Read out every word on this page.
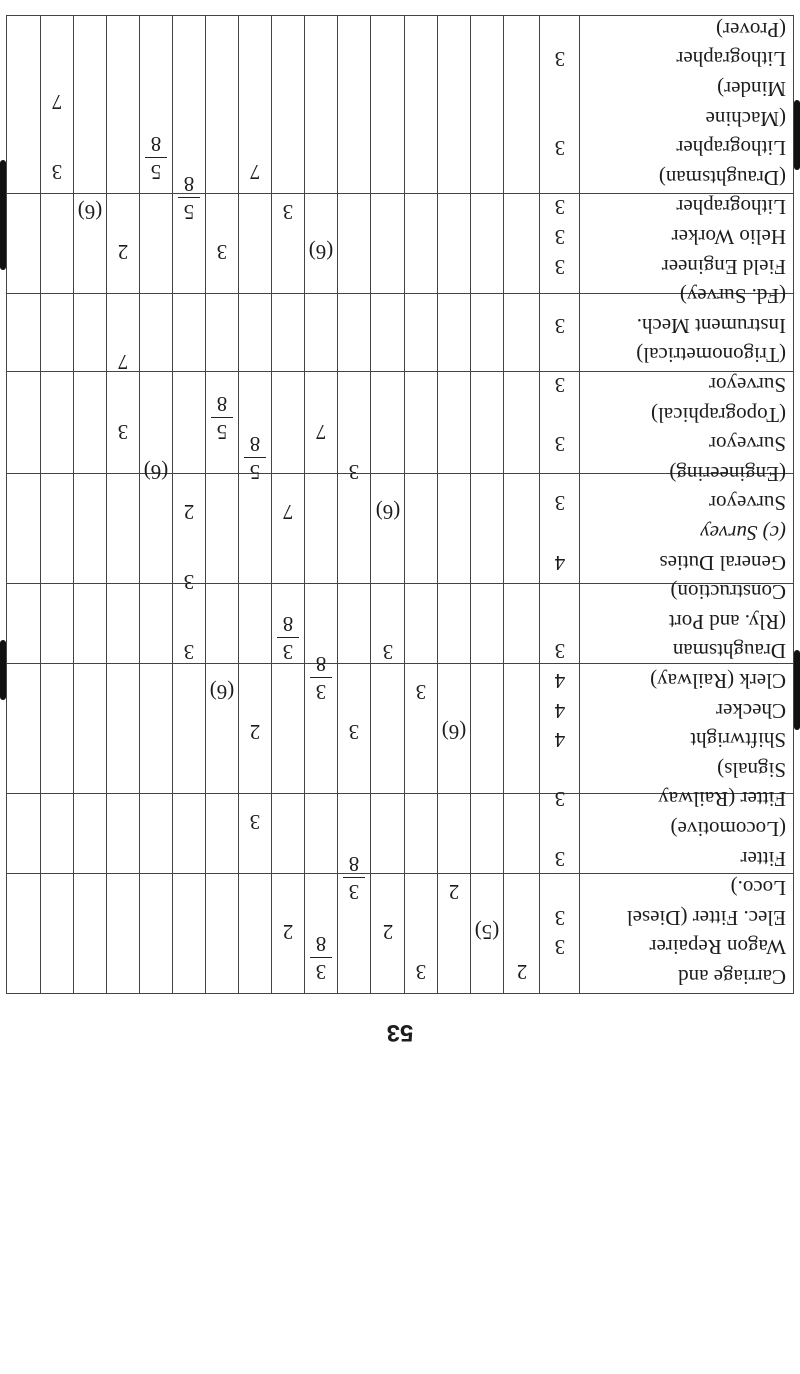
Carriage and
Wagon Repairer
Elec. Fitter (Diesel
Loco.)
Fitter
(Locomotive)
Fitter (Railway
Signals)
Shiftwright
Checker
Clerk (Railway)
Draughtsman
(Rly. and Port
Construction)
General Duties
(c) Survey
Surveyor
(Engineering)
Surveyor
(Topographical)
Surveyor
(Trigonometrical)
Instrument Mech.
(Fd. Survey)
Field Engineer
Heliо Worker
Lithographer
(Draughtsman)
Lithographer
(Machine
Minder)
Lithographer
(Prover)
3
3
3
3
4
4
4
3
4
3
3
3
3
3
3
3
3
3
2
(5)
2
3
2
3
8
3
8
2
3
(6)
3
3
3
3
8
3
8
2
(6)
3
3
(6)
3
7
7
5
8
5
8
2
(6)
3
7
(6)
3
7
3
5
8
5
8
2
(6)
3
7
53
